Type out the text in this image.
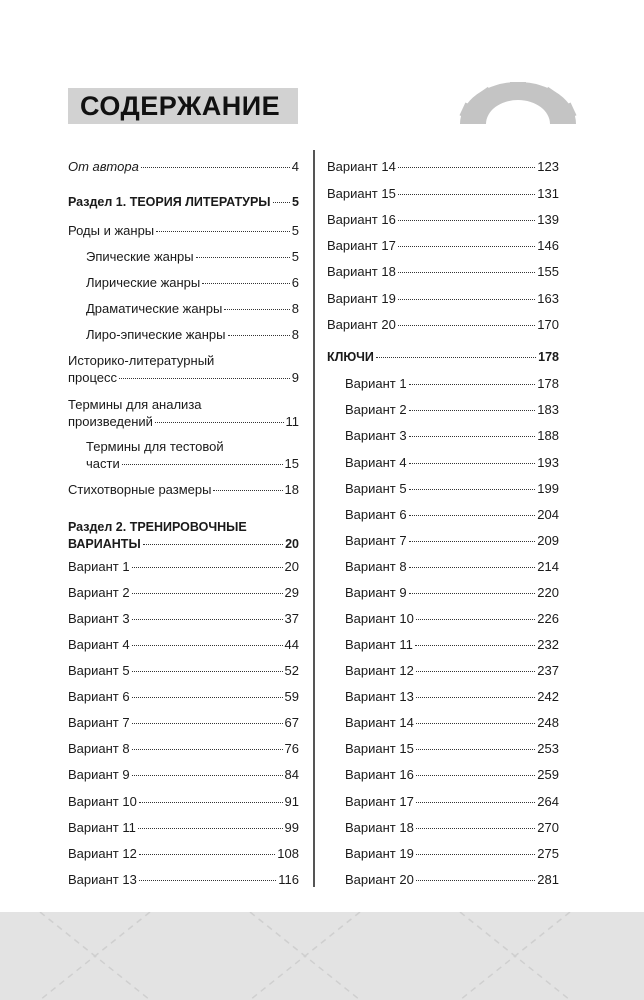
СОДЕРЖАНИЕ
От автора	4
Раздел 1. ТЕОРИЯ ЛИТЕРАТУРЫ 5
Роды и жанры	5
Эпические жанры	5
Лирические жанры	6
Драматические жанры	8
Лиро-эпические жанры	8
Историко-литературный
процесс	9
Термины для анализа
произведений	11
Термины для тестовой
части	15
Стихотворные размеры	18
Раздел 2. ТРЕНИРОВОЧНЫЕ
ВАРИАНТЫ	20
Вариант 1	20
Вариант 2	29
Вариант 3	37
Вариант 4	44
Вариант 5	52
Вариант 6	59
Вариант 7	67
Вариант 8	76
Вариант 9	84
Вариант 10	91
Вариант 11	99
Вариант 12	108
Вариант 13	116
Вариант 14	123
Вариант 15	131
Вариант 16	139
Вариант 17	146
Вариант 18	155
Вариант 19	163
Вариант 20	170
КЛЮЧИ	178
Вариант 1	178
Вариант 2	183
Вариант 3	188
Вариант 4	193
Вариант 5	199
Вариант 6	204
Вариант 7	209
Вариант 8	214
Вариант 9	220
Вариант 10	226
Вариант 11	232
Вариант 12	237
Вариант 13	242
Вариант 14	248
Вариант 15	253
Вариант 16	259
Вариант 17	264
Вариант 18	270
Вариант 19	275
Вариант 20	281
